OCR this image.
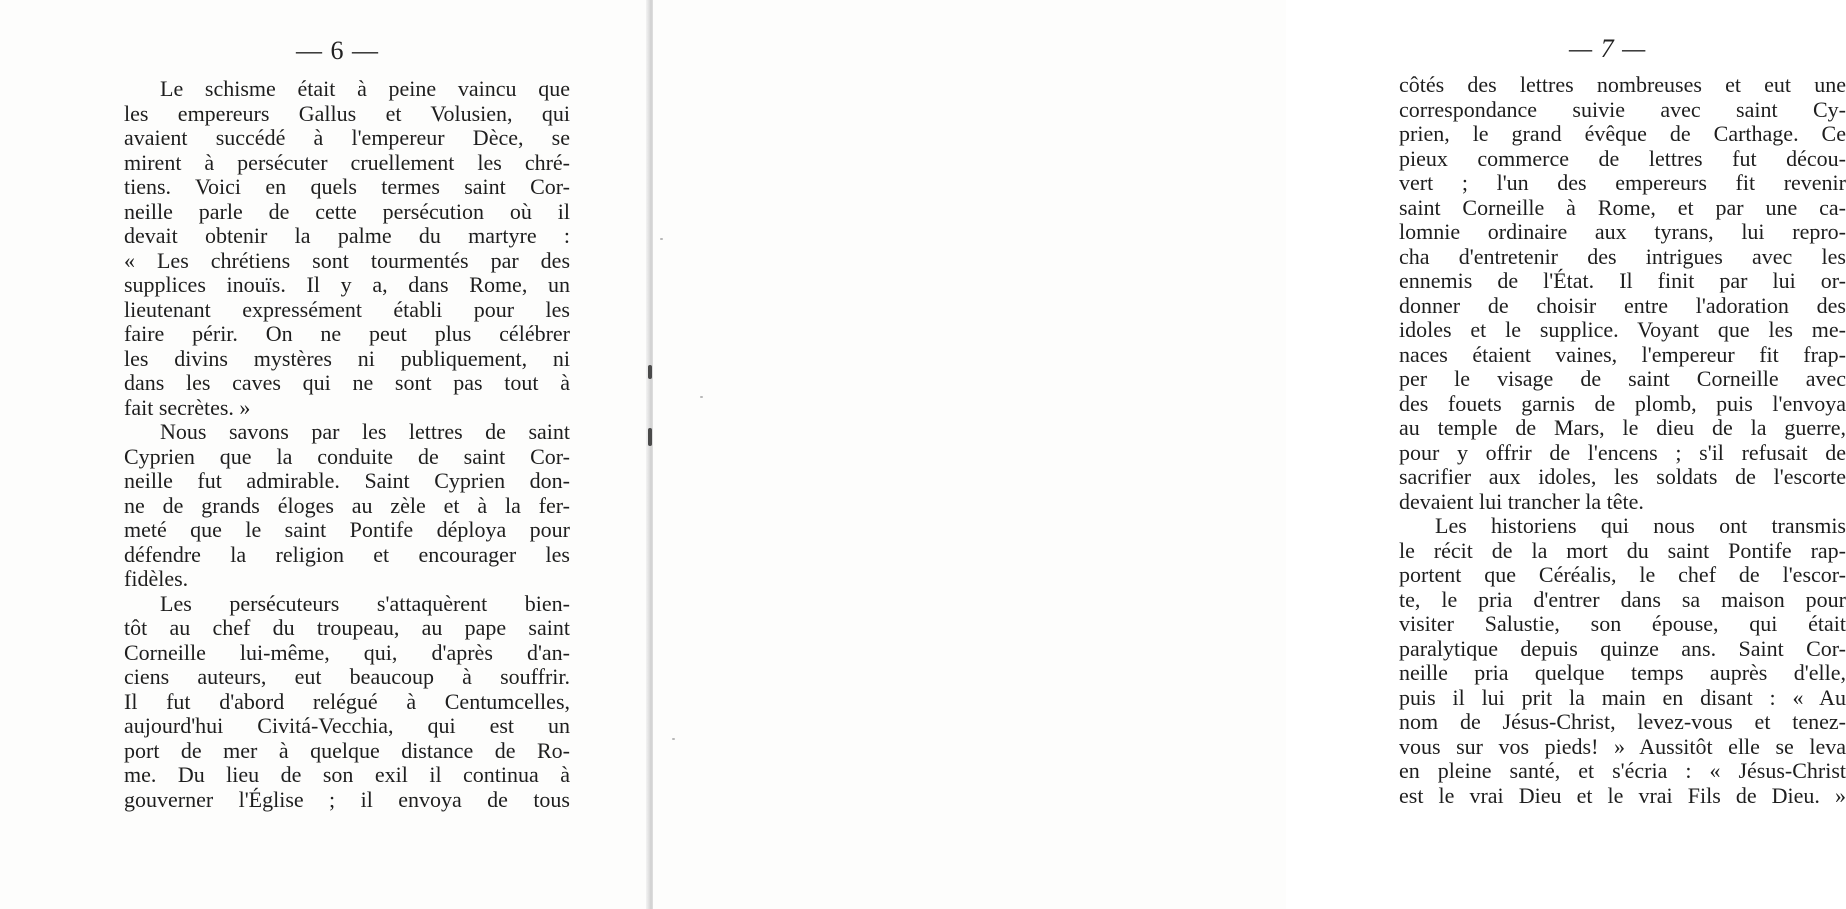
— 6 —
Le schisme était à peine vaincu que
les empereurs Gallus et Volusien, qui
avaient succédé à l'empereur Dèce, se
mirent à persécuter cruellement les chré-
tiens. Voici en quels termes saint Cor-
neille parle de cette persécution où il
devait obtenir la palme du martyre :
« Les chrétiens sont tourmentés par des
supplices inouïs. Il y a, dans Rome, un
lieutenant expressément établi pour les
faire périr. On ne peut plus célébrer
les divins mystères ni publiquement, ni
dans les caves qui ne sont pas tout à
fait secrètes. »
Nous savons par les lettres de saint
Cyprien que la conduite de saint Cor-
neille fut admirable. Saint Cyprien don-
ne de grands éloges au zèle et à la fer-
meté que le saint Pontife déploya pour
défendre la religion et encourager les
fidèles.
Les persécuteurs s'attaquèrent bien-
tôt au chef du troupeau, au pape saint
Corneille lui-même, qui, d'après d'an-
ciens auteurs, eut beaucoup à souffrir.
Il fut d'abord relégué à Centumcelles,
aujourd'hui Civitá-Vecchia, qui est un
port de mer à quelque distance de Ro-
me. Du lieu de son exil il continua à
gouverner l'Église ; il envoya de tous
— 7 —
côtés des lettres nombreuses et eut une
correspondance suivie avec saint Cy-
prien, le grand évêque de Carthage. Ce
pieux commerce de lettres fut décou-
vert ; l'un des empereurs fit revenir
saint Corneille à Rome, et par une ca-
lomnie ordinaire aux tyrans, lui repro-
cha d'entretenir des intrigues avec les
ennemis de l'État. Il finit par lui or-
donner de choisir entre l'adoration des
idoles et le supplice. Voyant que les me-
naces étaient vaines, l'empereur fit frap-
per le visage de saint Corneille avec
des fouets garnis de plomb, puis l'envoya
au temple de Mars, le dieu de la guerre,
pour y offrir de l'encens ; s'il refusait de
sacrifier aux idoles, les soldats de l'escorte
devaient lui trancher la tête.
Les historiens qui nous ont transmis
le récit de la mort du saint Pontife rap-
portent que Céréalis, le chef de l'escor-
te, le pria d'entrer dans sa maison pour
visiter Salustie, son épouse, qui était
paralytique depuis quinze ans. Saint Cor-
neille pria quelque temps auprès d'elle,
puis il lui prit la main en disant : « Au
nom de Jésus-Christ, levez-vous et tenez-
vous sur vos pieds! » Aussitôt elle se leva
en pleine santé, et s'écria : « Jésus-Christ
est le vrai Dieu et le vrai Fils de Dieu. »
